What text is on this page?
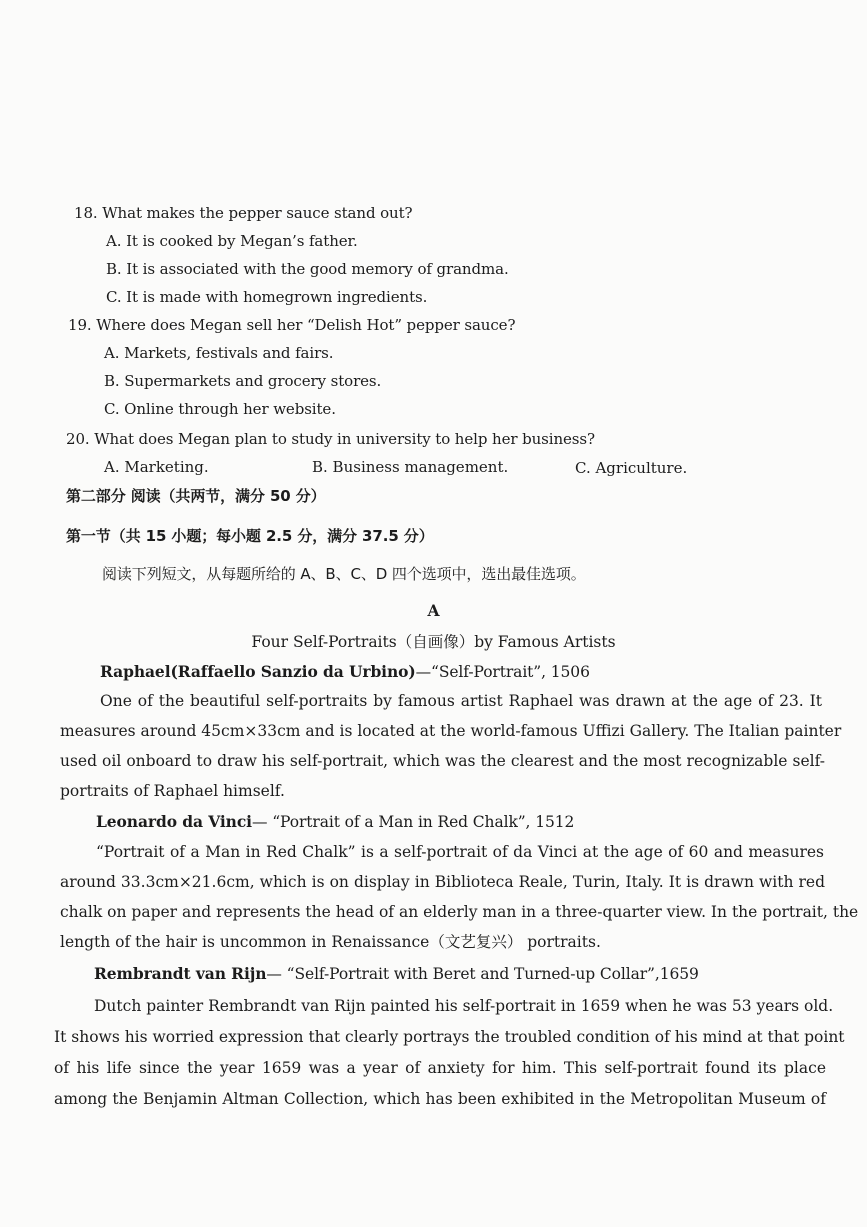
18. What makes the pepper sauce stand out?
A. It is cooked by Megan’s father.
B. It is associated with the good memory of grandma.
C. It is made with homegrown ingredients.
19. Where does Megan sell her “Delish Hot” pepper sauce?
A. Markets, festivals and fairs.
B. Supermarkets and grocery stores.
C. Online through her website.
20. What does Megan plan to study in university to help her business?
A. Marketing.	B. Business management.	C. Agriculture.
第二部分 阅读（共两节，满分 50 分）
第一节（共 15 小题；每小题 2.5 分，满分 37.5 分）
阅读下列短文，从每题所给的 A、B、C、D 四个选项中，选出最佳选项。
A
Four Self-Portraits（自画像）by Famous Artists
Raphael(Raffaello Sanzio da Urbino)—“Self-Portrait”, 1506
One of the beautiful self-portraits by famous artist Raphael was drawn at the age of 23. It
measures around 45cm×33cm and is located at the world-famous Uffizi Gallery. The Italian painter
used oil onboard to draw his self-portrait, which was the clearest and the most recognizable self-
portraits of Raphael himself.
Leonardo da Vinci— “Portrait of a Man in Red Chalk”, 1512
“Portrait of a Man in Red Chalk” is a self-portrait of da Vinci at the age of 60 and measures
around 33.3cm×21.6cm, which is on display in Biblioteca Reale, Turin, Italy. It is drawn with red
chalk on paper and represents the head of an elderly man in a three-quarter view. In the portrait, the
length of the hair is uncommon in Renaissance（文艺复兴） portraits.
Rembrandt van Rijn— “Self-Portrait with Beret and Turned-up Collar”,1659
Dutch painter Rembrandt van Rijn painted his self-portrait in 1659 when he was 53 years old.
It shows his worried expression that clearly portrays the troubled condition of his mind at that point
of his life since the year 1659 was a year of anxiety for him. This self-portrait found its place
among the Benjamin Altman Collection, which has been exhibited in the Metropolitan Museum of
